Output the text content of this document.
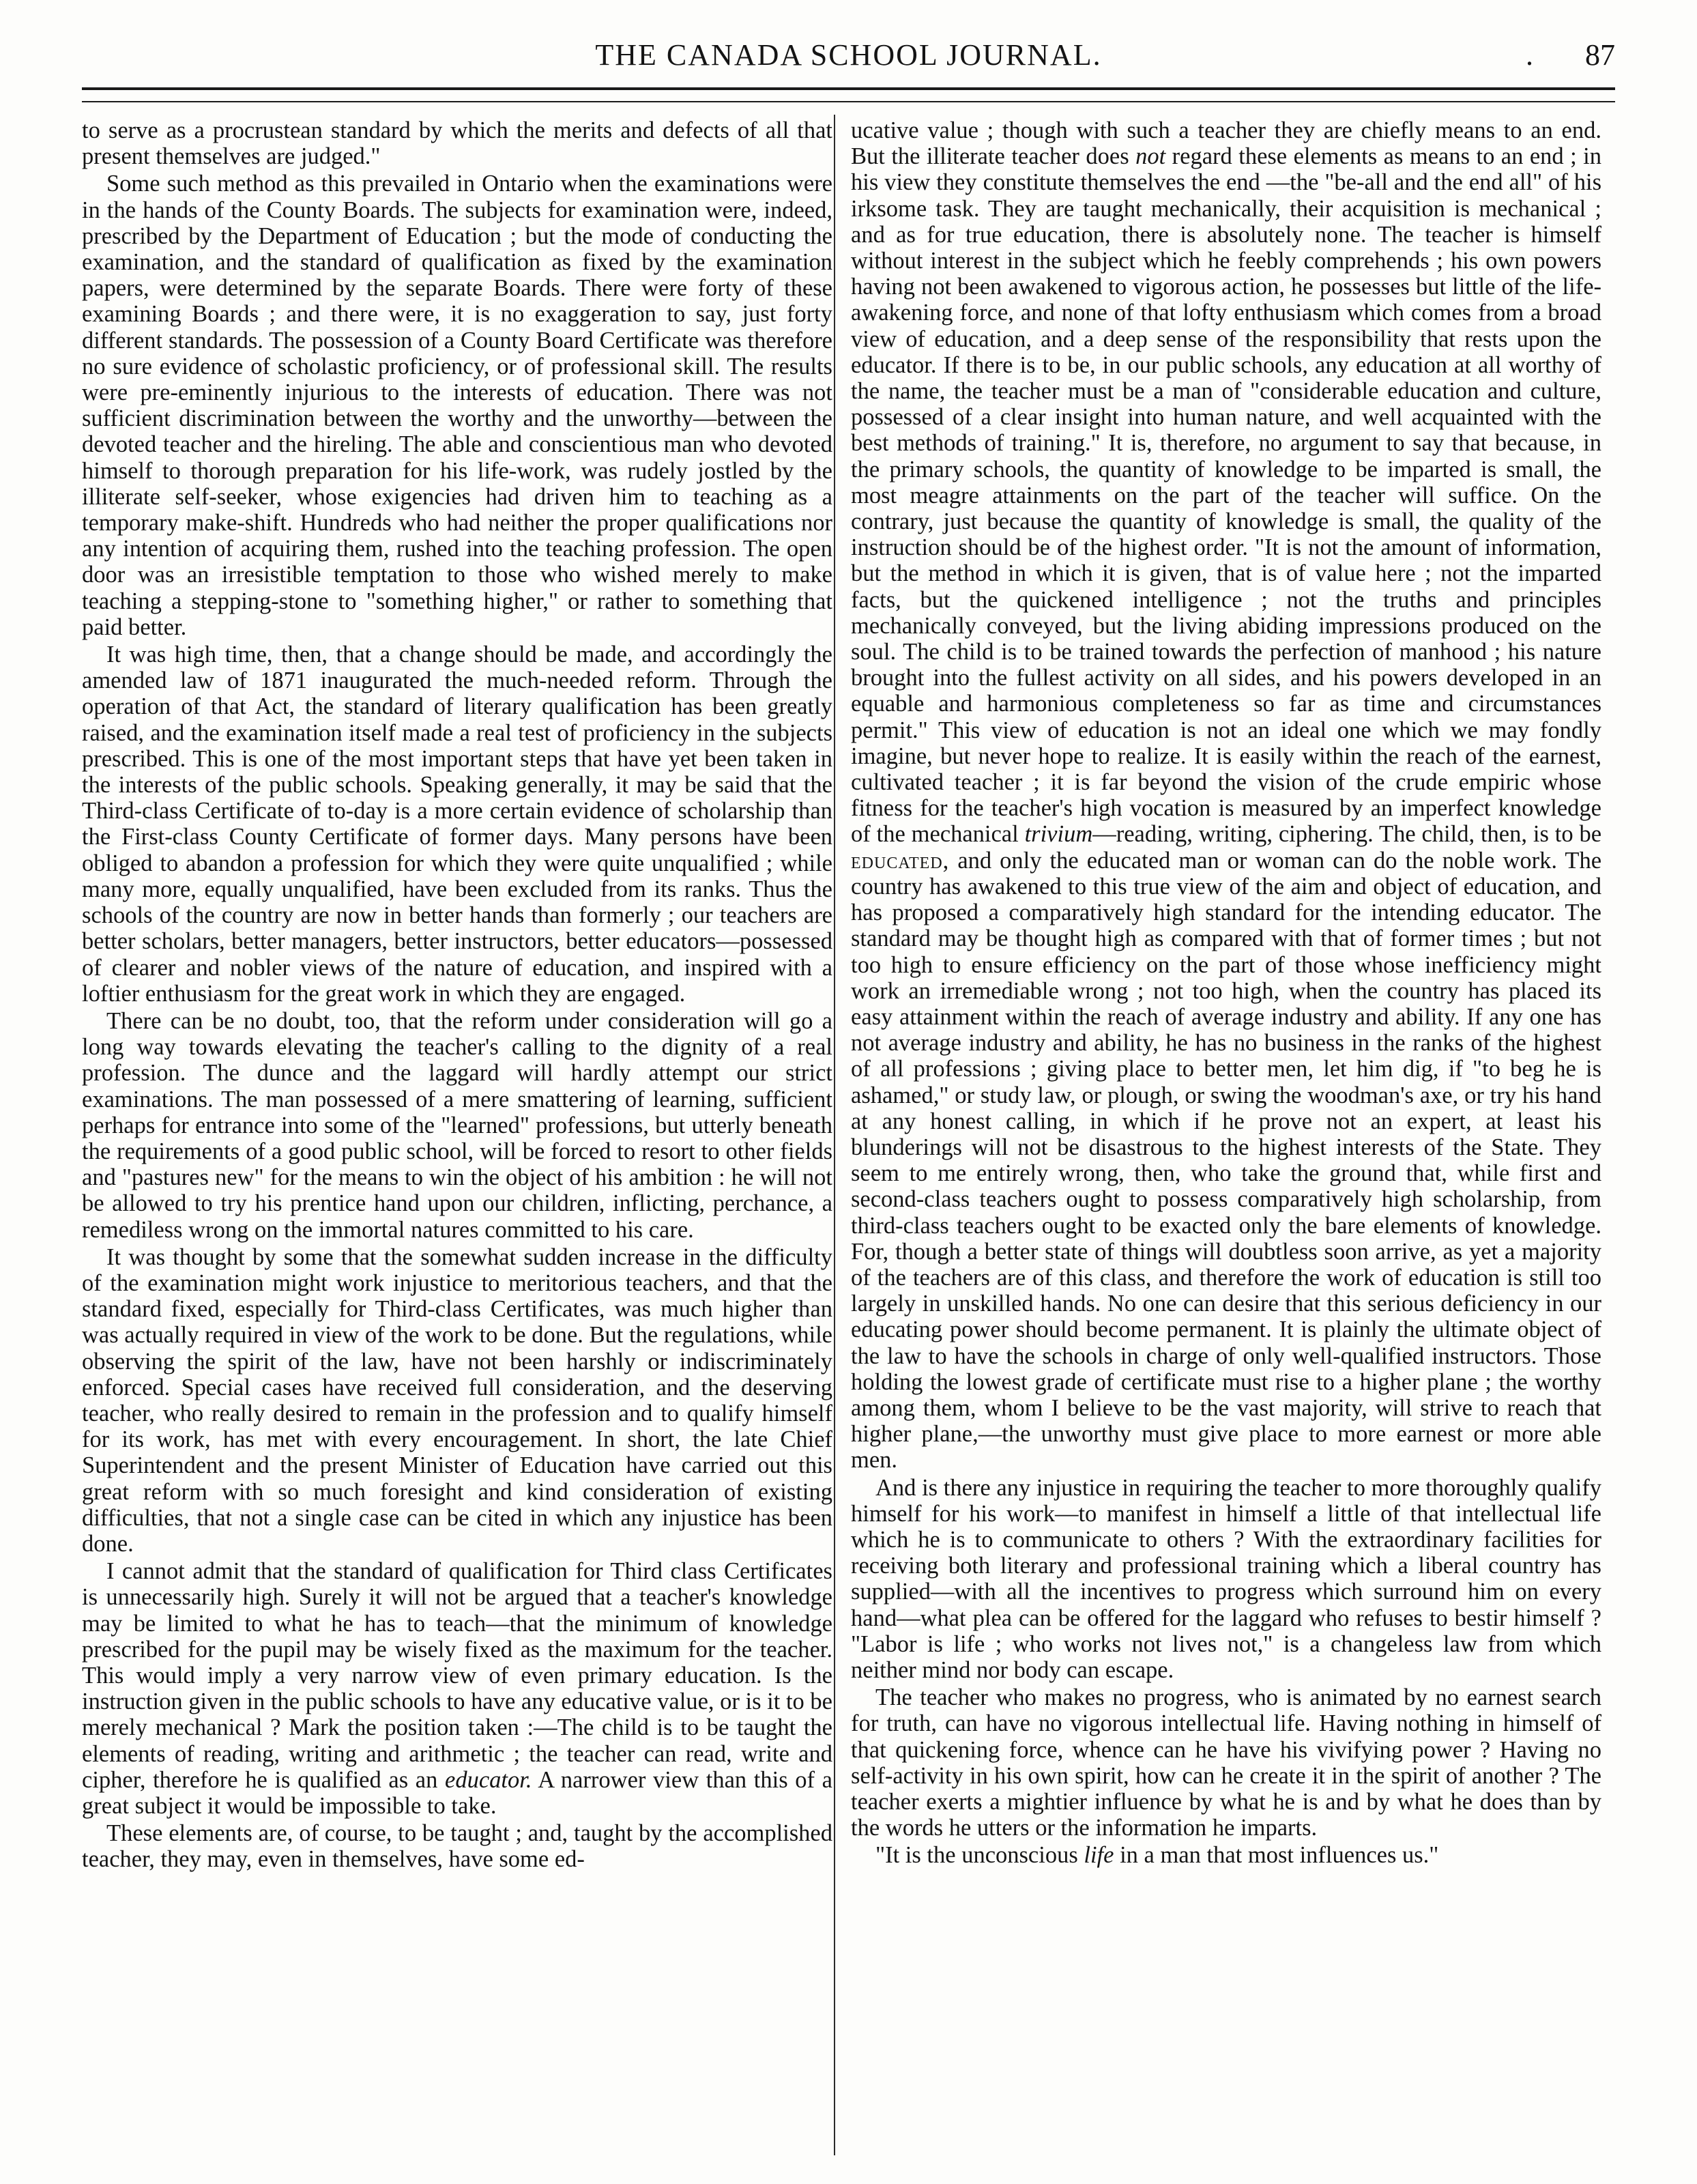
THE CANADA SCHOOL JOURNAL.	. 87

to serve as a procrustean standard by which the merits and defects of all that present themselves are judged."

Some such method as this prevailed in Ontario when the examinations were in the hands of the County Boards. The subjects for examination were, indeed, prescribed by the Department of Education ; but the mode of conducting the examination, and the standard of qualification as fixed by the examination papers, were determined by the separate Boards. There were forty of these examining Boards ; and there were, it is no exaggeration to say, just forty different standards. The possession of a County Board Certificate was therefore no sure evidence of scholastic proficiency, or of professional skill. The results were pre-eminently injurious to the interests of education. There was not sufficient discrimination between the worthy and the unworthy—between the devoted teacher and the hireling. The able and conscientious man who devoted himself to thorough preparation for his life-work, was rudely jostled by the illiterate self-seeker, whose exigencies had driven him to teaching as a temporary make-shift. Hundreds who had neither the proper qualifications nor any intention of acquiring them, rushed into the teaching profession. The open door was an irresistible temptation to those who wished merely to make teaching a stepping-stone to "something higher," or rather to something that paid better.

It was high time, then, that a change should be made, and accordingly the amended law of 1871 inaugurated the much-needed reform. Through the operation of that Act, the standard of literary qualification has been greatly raised, and the examination itself made a real test of proficiency in the subjects prescribed. This is one of the most important steps that have yet been taken in the interests of the public schools. Speaking generally, it may be said that the Third-class Certificate of to-day is a more certain evidence of scholarship than the First-class County Certificate of former days. Many persons have been obliged to abandon a profession for which they were quite unqualified ; while many more, equally unqualified, have been excluded from its ranks. Thus the schools of the country are now in better hands than formerly ; our teachers are better scholars, better managers, better instructors, better educators—possessed of clearer and nobler views of the nature of education, and inspired with a loftier enthusiasm for the great work in which they are engaged.

There can be no doubt, too, that the reform under consideration will go a long way towards elevating the teacher's calling to the dignity of a real profession. The dunce and the laggard will hardly attempt our strict examinations. The man possessed of a mere smattering of learning, sufficient perhaps for entrance into some of the "learned" professions, but utterly beneath the requirements of a good public school, will be forced to resort to other fields and "pastures new" for the means to win the object of his ambition : he will not be allowed to try his prentice hand upon our children, inflicting, perchance, a remediless wrong on the immortal natures committed to his care.

It was thought by some that the somewhat sudden increase in the difficulty of the examination might work injustice to meritorious teachers, and that the standard fixed, especially for Third-class Certificates, was much higher than was actually required in view of the work to be done. But the regulations, while observing the spirit of the law, have not been harshly or indiscriminately enforced. Special cases have received full consideration, and the deserving teacher, who really desired to remain in the profession and to qualify himself for its work, has met with every encouragement. In short, the late Chief Superintendent and the present Minister of Education have carried out this great reform with so much foresight and kind consideration of existing difficulties, that not a single case can be cited in which any injustice has been done.

I cannot admit that the standard of qualification for Third class Certificates is unnecessarily high. Surely it will not be argued that a teacher's knowledge may be limited to what he has to teach—that the minimum of knowledge prescribed for the pupil may be wisely fixed as the maximum for the teacher. This would imply a very narrow view of even primary education. Is the instruction given in the public schools to have any educative value, or is it to be merely mechanical ? Mark the position taken :—The child is to be taught the elements of reading, writing and arithmetic ; the teacher can read, write and cipher, therefore he is qualified as an educator. A narrower view than this of a great subject it would be impossible to take.

These elements are, of course, to be taught ; and, taught by the accomplished teacher, they may, even in themselves, have some ed-

ucative value ; though with such a teacher they are chiefly means to an end. But the illiterate teacher does not regard these elements as means to an end ; in his view they constitute themselves the end —the "be-all and the end all" of his irksome task. They are taught mechanically, their acquisition is mechanical ; and as for true education, there is absolutely none. The teacher is himself without interest in the subject which he feebly comprehends ; his own powers having not been awakened to vigorous action, he possesses but little of the life-awakening force, and none of that lofty enthusiasm which comes from a broad view of education, and a deep sense of the responsibility that rests upon the educator. If there is to be, in our public schools, any education at all worthy of the name, the teacher must be a man of "considerable education and culture, possessed of a clear insight into human nature, and well acquainted with the best methods of training." It is, therefore, no argument to say that because, in the primary schools, the quantity of knowledge to be imparted is small, the most meagre attainments on the part of the teacher will suffice. On the contrary, just because the quantity of knowledge is small, the quality of the instruction should be of the highest order. "It is not the amount of information, but the method in which it is given, that is of value here ; not the imparted facts, but the quickened intelligence ; not the truths and principles mechanically conveyed, but the living abiding impressions produced on the soul. The child is to be trained towards the perfection of manhood ; his nature brought into the fullest activity on all sides, and his powers developed in an equable and harmonious completeness so far as time and circumstances permit." This view of education is not an ideal one which we may fondly imagine, but never hope to realize. It is easily within the reach of the earnest, cultivated teacher ; it is far beyond the vision of the crude empiric whose fitness for the teacher's high vocation is measured by an imperfect knowledge of the mechanical trivium—reading, writing, ciphering. The child, then, is to be educated, and only the educated man or woman can do the noble work. The country has awakened to this true view of the aim and object of education, and has proposed a comparatively high standard for the intending educator. The standard may be thought high as compared with that of former times ; but not too high to ensure efficiency on the part of those whose inefficiency might work an irremediable wrong ; not too high, when the country has placed its easy attainment within the reach of average industry and ability. If any one has not average industry and ability, he has no business in the ranks of the highest of all professions ; giving place to better men, let him dig, if "to beg he is ashamed," or study law, or plough, or swing the woodman's axe, or try his hand at any honest calling, in which if he prove not an expert, at least his blunderings will not be disastrous to the highest interests of the State. They seem to me entirely wrong, then, who take the ground that, while first and second-class teachers ought to possess comparatively high scholarship, from third-class teachers ought to be exacted only the bare elements of knowledge. For, though a better state of things will doubtless soon arrive, as yet a majority of the teachers are of this class, and therefore the work of education is still too largely in unskilled hands. No one can desire that this serious deficiency in our educating power should become permanent. It is plainly the ultimate object of the law to have the schools in charge of only well-qualified instructors. Those holding the lowest grade of certificate must rise to a higher plane ; the worthy among them, whom I believe to be the vast majority, will strive to reach that higher plane,—the unworthy must give place to more earnest or more able men.

And is there any injustice in requiring the teacher to more thoroughly qualify himself for his work—to manifest in himself a little of that intellectual life which he is to communicate to others ? With the extraordinary facilities for receiving both literary and professional training which a liberal country has supplied—with all the incentives to progress which surround him on every hand—what plea can be offered for the laggard who refuses to bestir himself ? "Labor is life ; who works not lives not," is a changeless law from which neither mind nor body can escape.

The teacher who makes no progress, who is animated by no earnest search for truth, can have no vigorous intellectual life. Having nothing in himself of that quickening force, whence can he have his vivifying power ? Having no self-activity in his own spirit, how can he create it in the spirit of another ? The teacher exerts a mightier influence by what he is and by what he does than by the words he utters or the information he imparts.

"It is the unconscious life in a man that most influences us."
